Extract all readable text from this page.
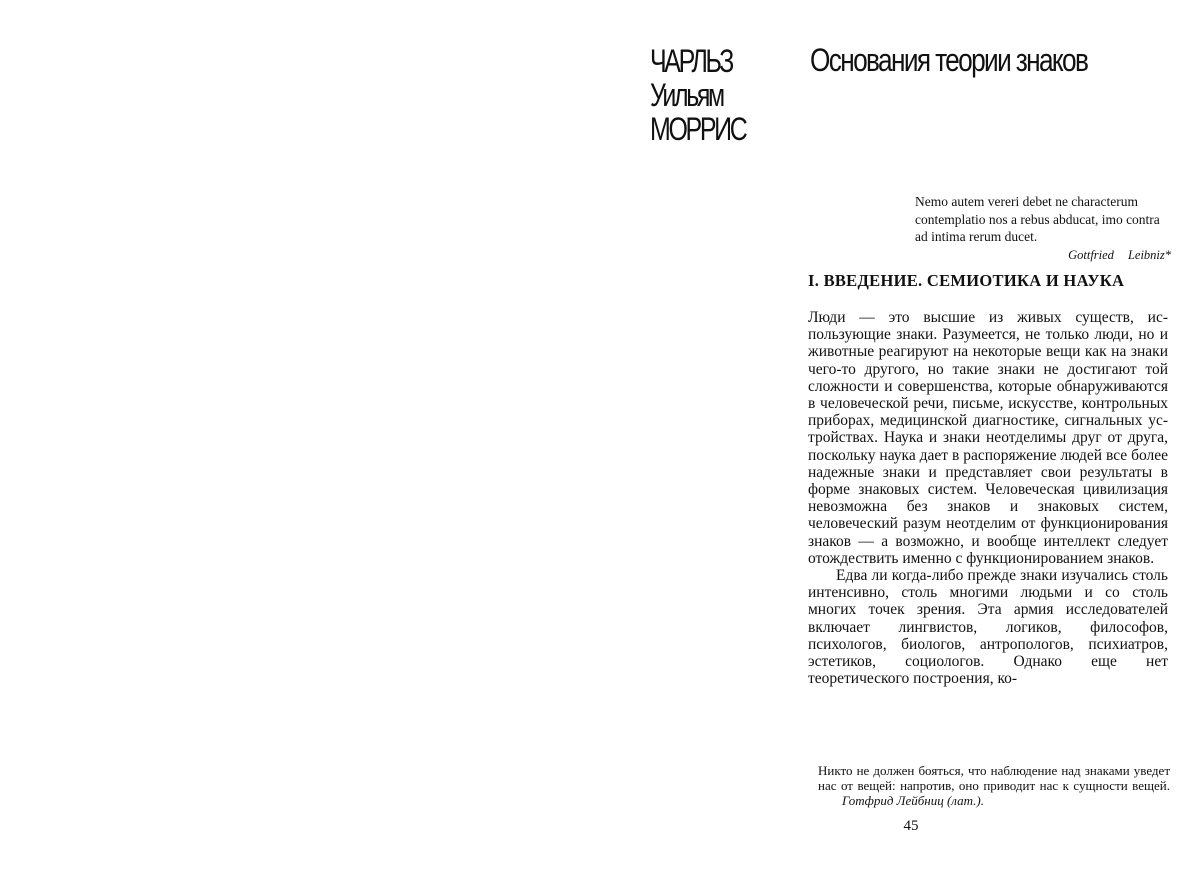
ЧАРЛЬЗ
Уильям
МОРРИС
Основания теории знаков

Nemo autem vereri debet ne characterum contemplatio nos a rebus abducat, imo contra ad intima rerum ducet.

Gottfried Leibniz*
I. ВВЕДЕНИЕ. СЕМИОТИКА И НАУКА

Люди — это высшие из живых существ, использующие знаки. Разумеется, не только люди, но и животные реагируют на некоторые вещи как на знаки чего-то другого, но такие знаки не достигают той сложности и совершенства, которые обнаруживаются в человеческой речи, письме, искусстве, контрольных приборах, медицинской диагностике, сигнальных устройствах. Наука и знаки неотделимы друг от друга, поскольку наука дает в распоряжение людей все более надежные знаки и представляет свои результаты в форме знаковых систем. Человеческая цивилизация невозможна без знаков и знаковых систем, человеческий разум неотделим от функционирования знаков — а возможно, и вообще интеллект следует отождествить именно с функционированием знаков.

Едва ли когда-либо прежде знаки изучались столь интенсивно, столь многими людьми и со столь многих точек зрения. Эта армия исследователей включает лингвистов, логиков, философов, психологов, биологов, антропологов, психиатров, эстетиков, социологов. Однако еще нет теоретического построения, ко-

Никто не должен бояться, что наблюдение над знаками уведет нас от вещей: напротив, оно приводит нас к сущности вещей. Готфрид Лейбниц (лат.).

45
